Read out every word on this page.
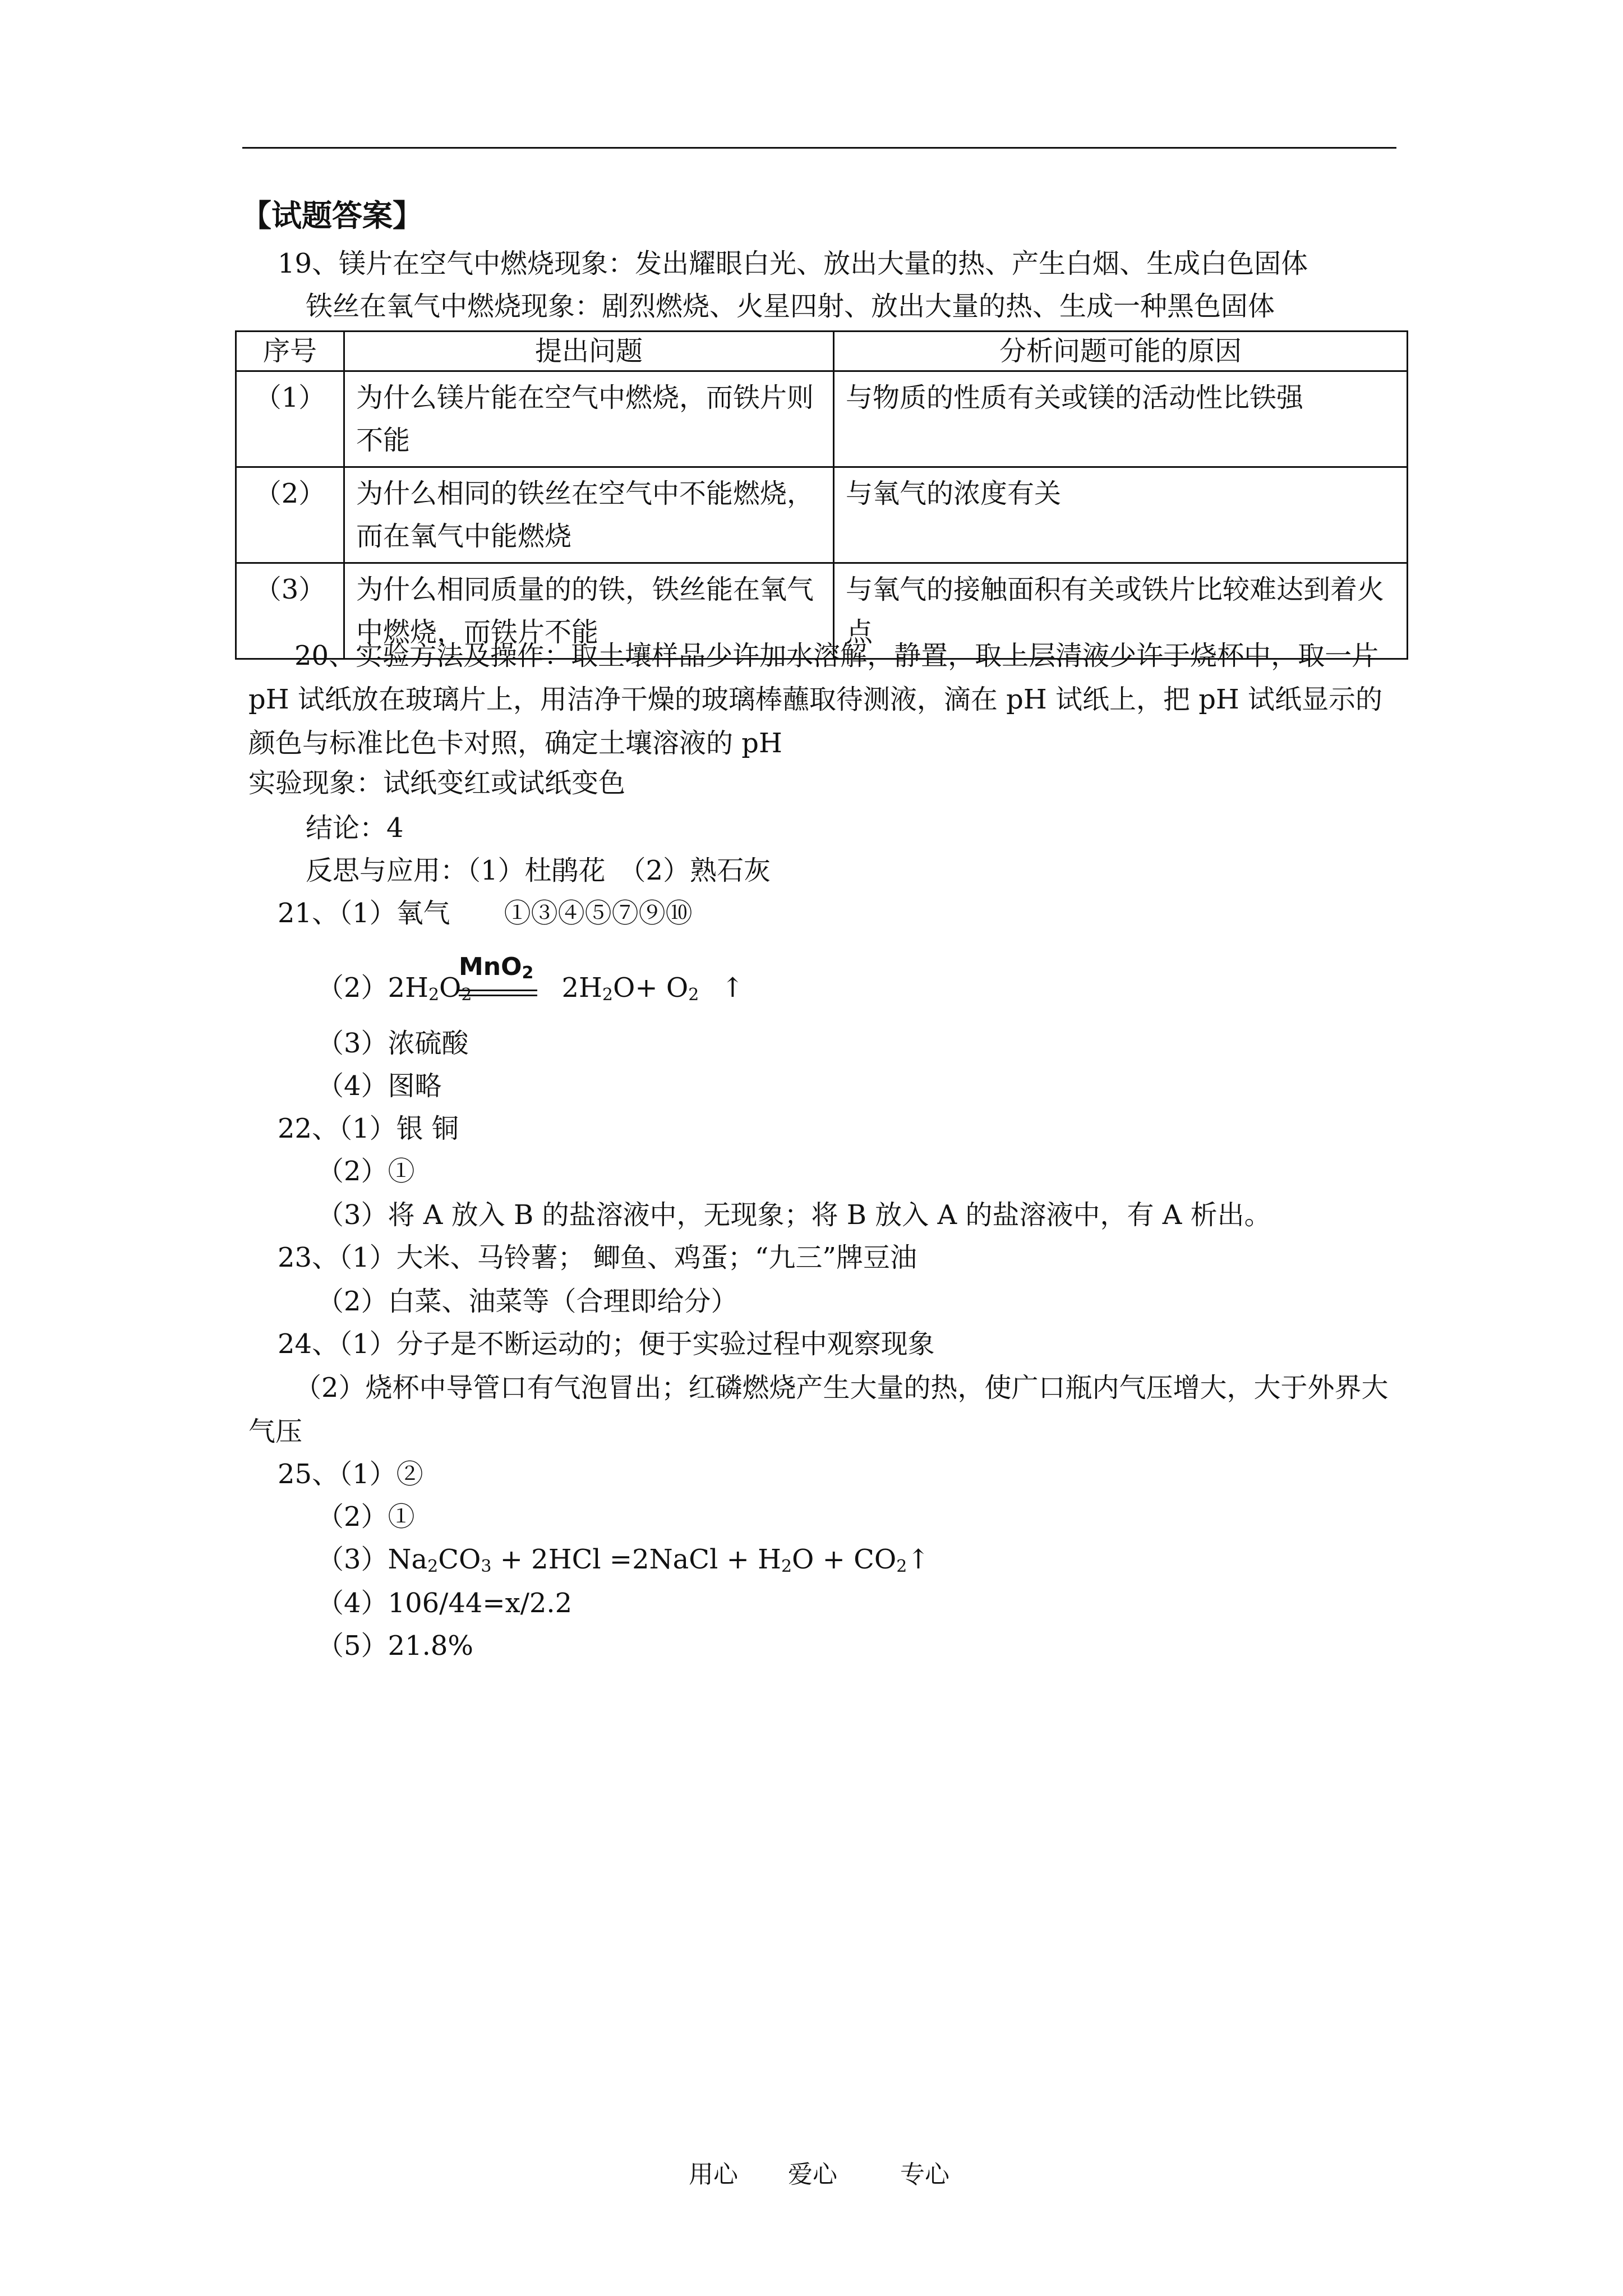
【试题答案】
19、镁片在空气中燃烧现象：发出耀眼白光、放出大量的热、产生白烟、生成白色固体
铁丝在氧气中燃烧现象：剧烈燃烧、火星四射、放出大量的热、生成一种黑色固体
序号	提出问题	分析问题可能的原因
（1）	为什么镁片能在空气中燃烧，而铁片则不能	与物质的性质有关或镁的活动性比铁强
（2）	为什么相同的铁丝在空气中不能燃烧，而在氧气中能燃烧	与氧气的浓度有关
（3）	为什么相同质量的的铁，铁丝能在氧气中燃烧，而铁片不能	与氧气的接触面积有关或铁片比较难达到着火点
20、实验方法及操作：取土壤样品少许加水溶解，静置，取上层清液少许于烧杯中，取一片 pH 试纸放在玻璃片上，用洁净干燥的玻璃棒蘸取待测液，滴在 pH 试纸上，把 pH 试纸显示的颜色与标准比色卡对照，确定土壤溶液的 pH
实验现象：试纸变红或试纸变色
结论：4
反思与应用：（1）杜鹃花　（2）熟石灰
21、（1）氧气　　①③④⑤⑦⑨⑩
$(2)2H_2O_2$	$2H_2O+ O_2$ ↑
MnO$_2$
（3）浓硫酸
（4）图略
22、（1）银 铜
（2）①
（3）将 A 放入 B 的盐溶液中，无现象；将 B 放入 A 的盐溶液中，有 A 析出。
23、（1）大米、马铃薯； 鲫鱼、鸡蛋；“九三”牌豆油
（2）白菜、油菜等（合理即给分）
24、（1）分子是不断运动的；便于实验过程中观察现象
（2）烧杯中导管口有气泡冒出；红磷燃烧产生大量的热，使广口瓶内气压增大，大于外界大气压
25、（1）②
（2）①
$(3)Na_2CO_3 + 2HCl$ =2NaCl + $H_2O$ + $CO_2↑$
（4）106/44=x/2.2
（5）21.8%
用心 爱心	专心
